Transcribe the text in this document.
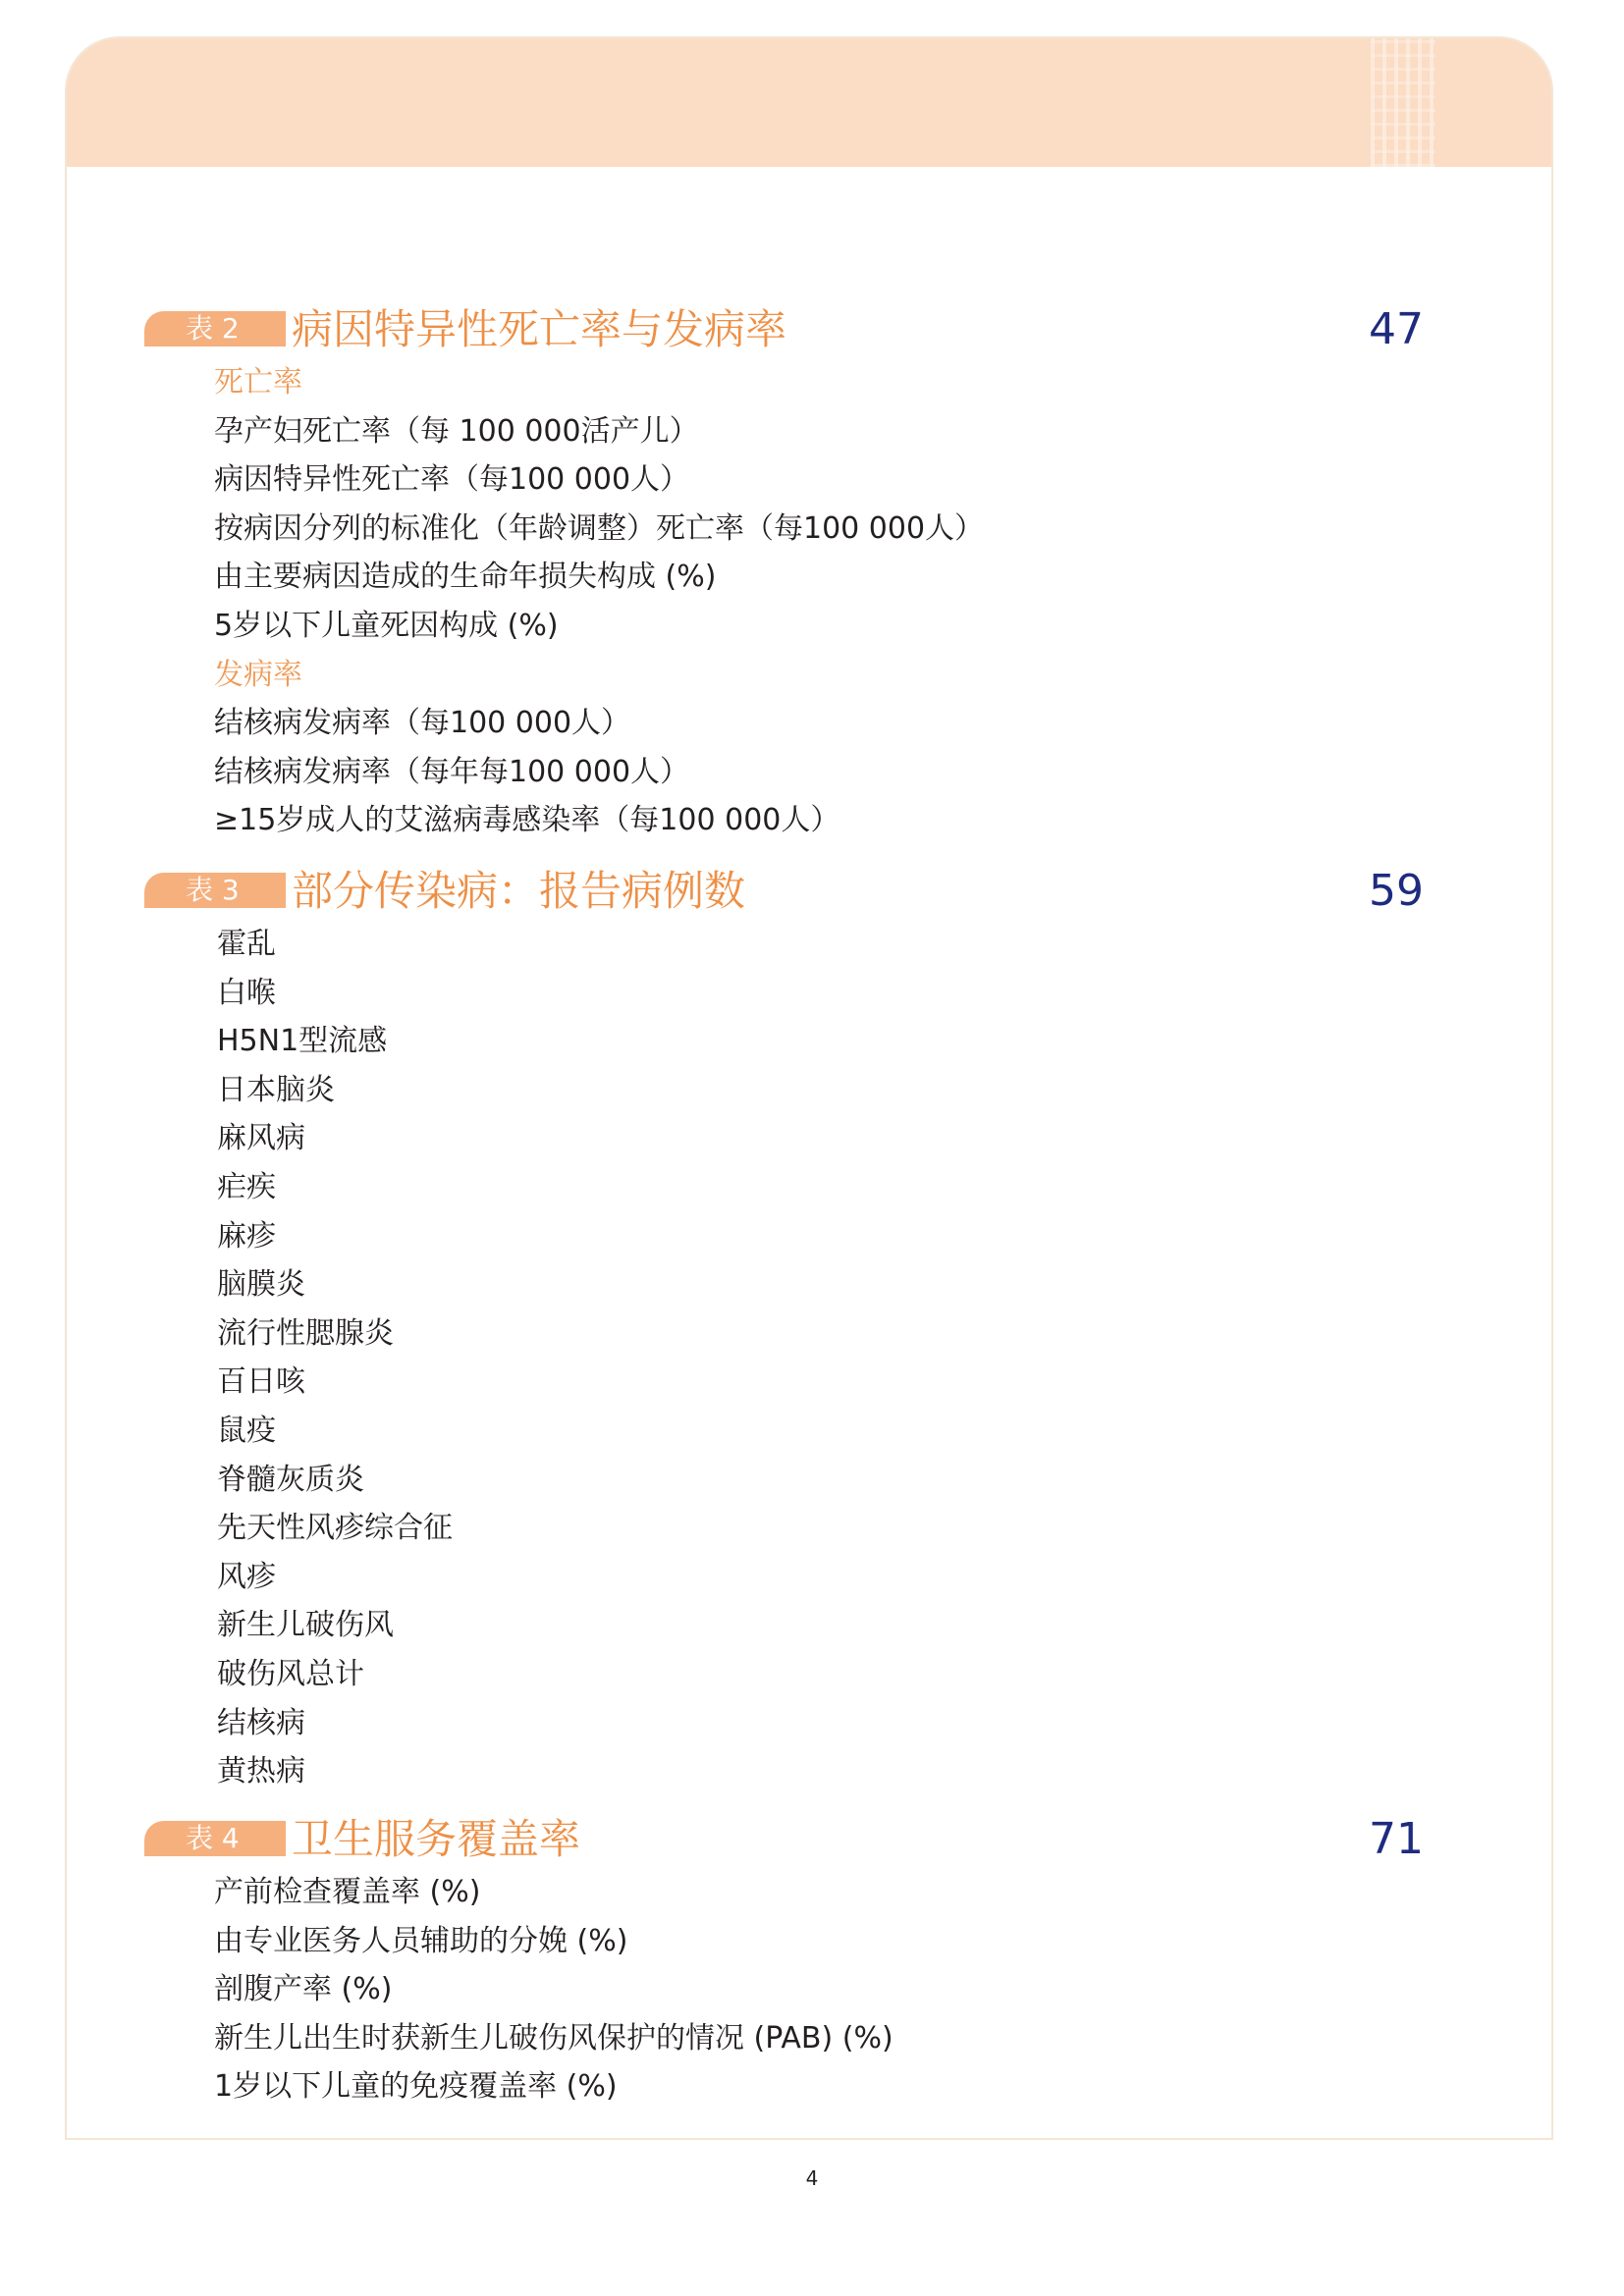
表 2	病因特异性死亡率与发病率	47
死亡率
孕产妇死亡率（每 100 000活产儿）
病因特异性死亡率（每100 000人）
按病因分列的标准化（年龄调整）死亡率（每100 000人）
由主要病因造成的生命年损失构成 (%)
5岁以下儿童死因构成 (%)
发病率
结核病发病率（每100 000人）
结核病发病率（每年每100 000人）
≥15岁成人的艾滋病毒感染率（每100 000人）
表 3	部分传染病：报告病例数	59
霍乱
白喉
H5N1型流感
日本脑炎
麻风病
疟疾
麻疹
脑膜炎
流行性腮腺炎
百日咳
鼠疫
脊髓灰质炎
先天性风疹综合征
风疹
新生儿破伤风
破伤风总计
结核病
黄热病
表 4	卫生服务覆盖率	71
产前检查覆盖率 (%)
由专业医务人员辅助的分娩 (%)
剖腹产率 (%)
新生儿出生时获新生儿破伤风保护的情况 (PAB) (%)
1岁以下儿童的免疫覆盖率 (%)
4
